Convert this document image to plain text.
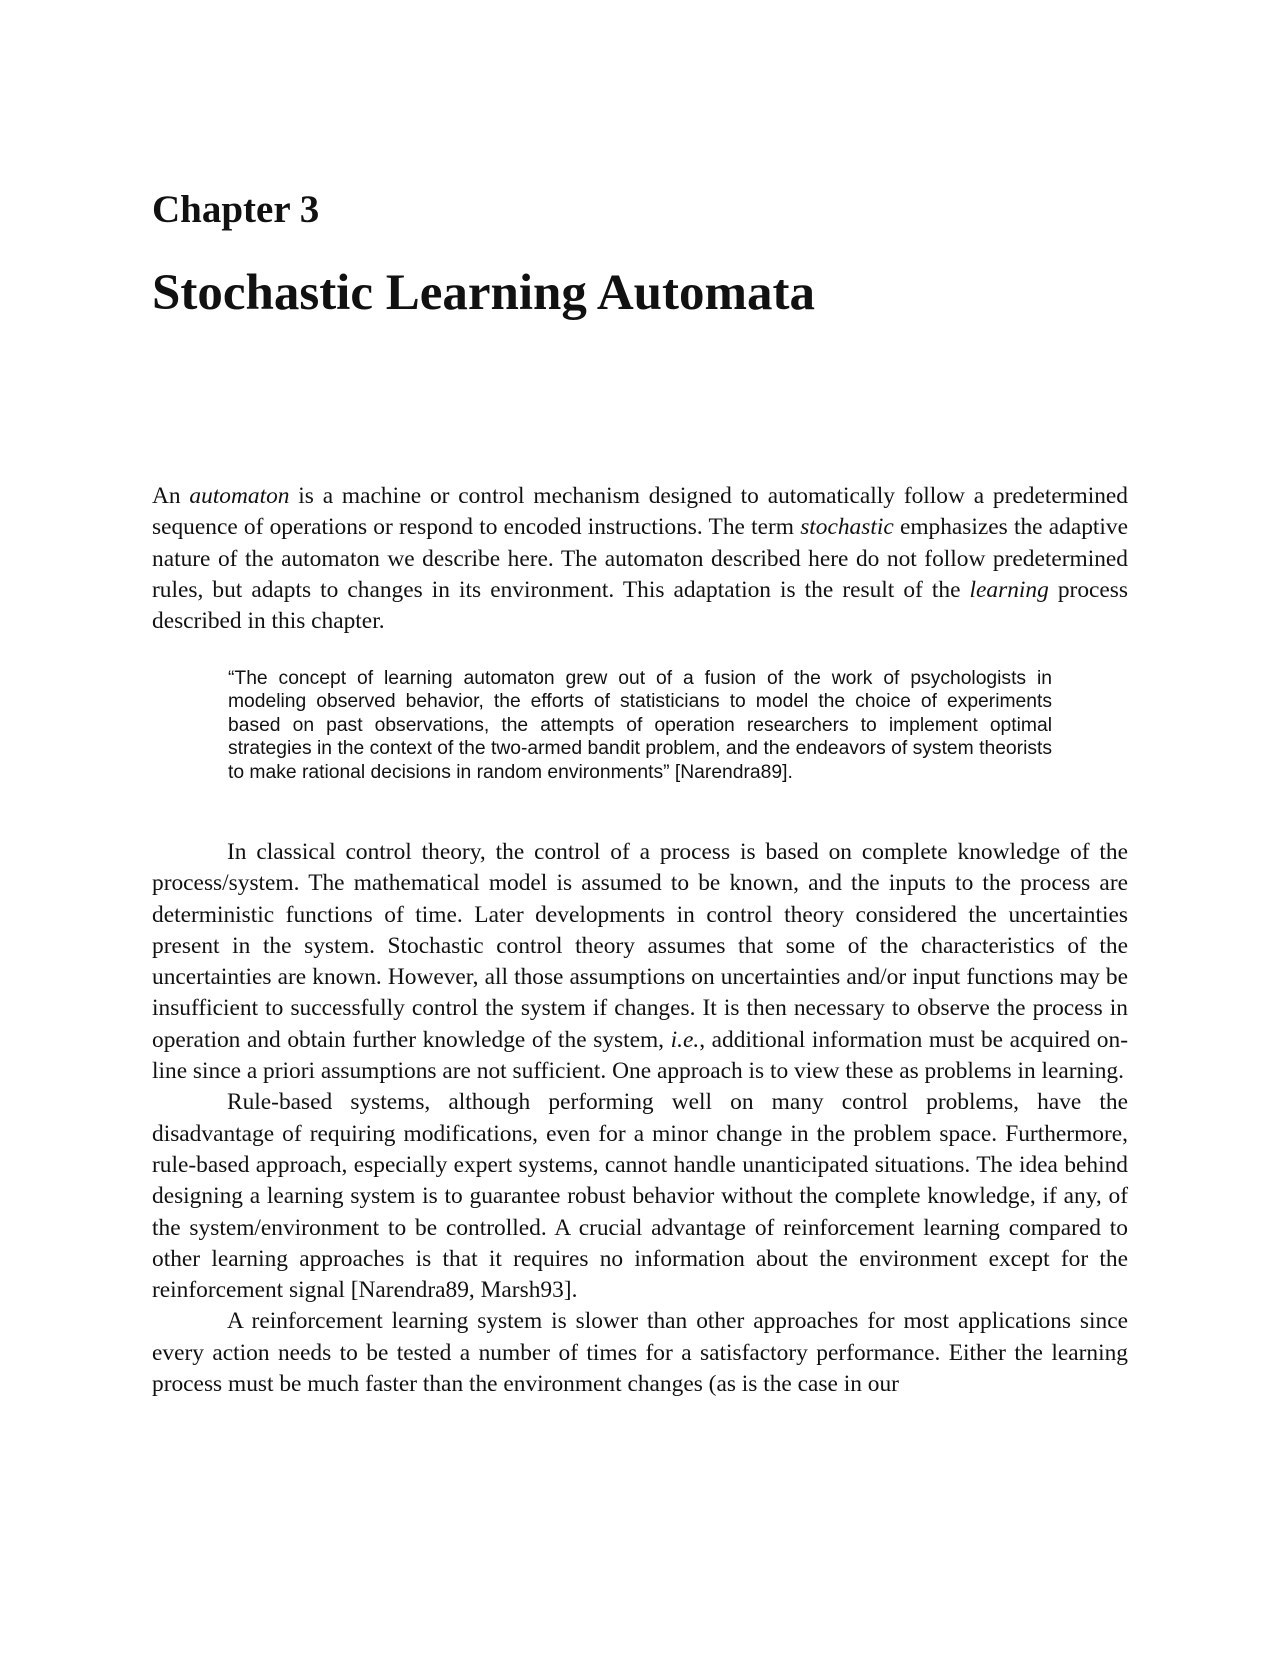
Chapter 3
Stochastic Learning Automata

An automaton is a machine or control mechanism designed to automatically follow a predetermined sequence of operations or respond to encoded instructions. The term stochastic emphasizes the adaptive nature of the automaton we describe here. The automaton described here do not follow predetermined rules, but adapts to changes in its environment. This adaptation is the result of the learning process described in this chapter.

“The concept of learning automaton grew out of a fusion of the work of psychologists in modeling observed behavior, the efforts of statisticians to model the choice of experiments based on past observations, the attempts of operation researchers to implement optimal strategies in the context of the two-armed bandit problem, and the endeavors of system theorists to make rational decisions in random environments” [Narendra89].

In classical control theory, the control of a process is based on complete knowledge of the process/system. The mathematical model is assumed to be known, and the inputs to the process are deterministic functions of time. Later developments in control theory considered the uncertainties present in the system. Stochastic control theory assumes that some of the characteristics of the uncertainties are known. However, all those assumptions on uncertainties and/or input functions may be insufficient to successfully control the system if changes. It is then necessary to observe the process in operation and obtain further knowledge of the system, i.e., additional information must be acquired on-line since a priori assumptions are not sufficient. One approach is to view these as problems in learning.

Rule-based systems, although performing well on many control problems, have the disadvantage of requiring modifications, even for a minor change in the problem space. Furthermore, rule-based approach, especially expert systems, cannot handle unanticipated situations. The idea behind designing a learning system is to guarantee robust behavior without the complete knowledge, if any, of the system/environment to be controlled. A crucial advantage of reinforcement learning compared to other learning approaches is that it requires no information about the environment except for the reinforcement signal [Narendra89, Marsh93].

A reinforcement learning system is slower than other approaches for most applications since every action needs to be tested a number of times for a satisfactory performance. Either the learning process must be much faster than the environment changes (as is the case in our
